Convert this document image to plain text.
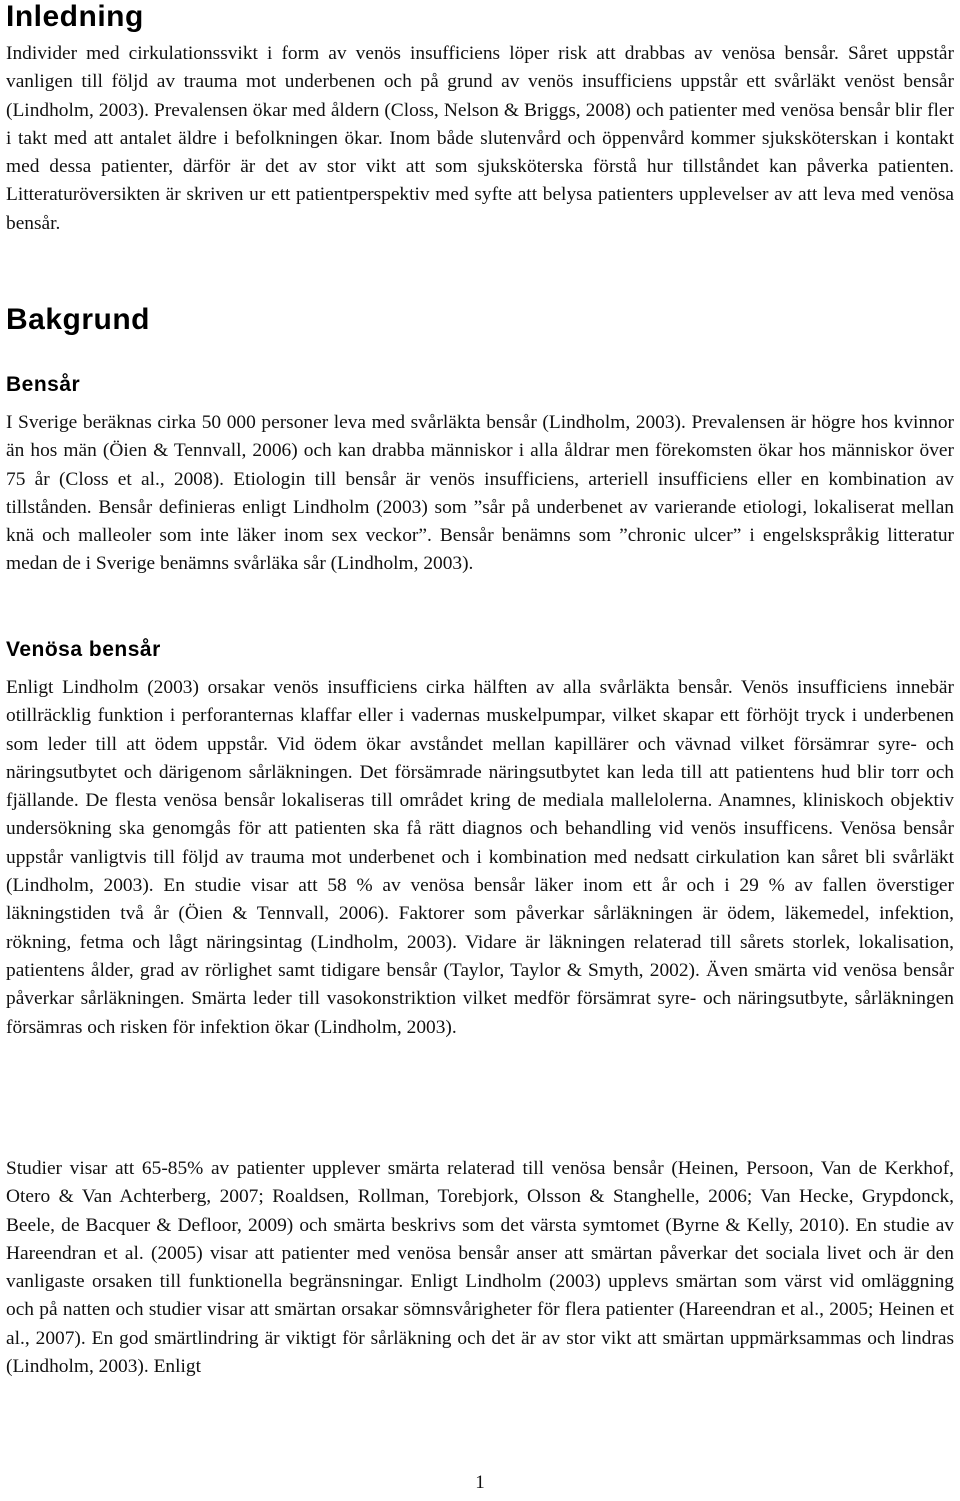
Inledning

Individer med cirkulationssvikt i form av venös insufficiens löper risk att drabbas av venösa bensår. Såret uppstår vanligen till följd av trauma mot underbenen och på grund av venös insufficiens uppstår ett svårläkt venöst bensår (Lindholm, 2003). Prevalensen ökar med åldern (Closs, Nelson & Briggs, 2008) och patienter med venösa bensår blir fler i takt med att antalet äldre i befolkningen ökar. Inom både slutenvård och öppenvård kommer sjuksköterskan i kontakt med dessa patienter, därför är det av stor vikt att som sjuksköterska förstå hur tillståndet kan påverka patienten. Litteraturöversikten är skriven ur ett patientperspektiv med syfte att belysa patienters upplevelser av att leva med venösa bensår.

Bakgrund
Bensår

I Sverige beräknas cirka 50 000 personer leva med svårläkta bensår (Lindholm, 2003). Prevalensen är högre hos kvinnor än hos män (Öien & Tennvall, 2006) och kan drabba människor i alla åldrar men förekomsten ökar hos människor över 75 år (Closs et al., 2008). Etiologin till bensår är venös insufficiens, arteriell insufficiens eller en kombination av tillstånden. Bensår definieras enligt Lindholm (2003) som ”sår på underbenet av varierande etiologi, lokaliserat mellan knä och malleoler som inte läker inom sex veckor”. Bensår benämns som ”chronic ulcer” i engelskspråkig litteratur medan de i Sverige benämns svårläka sår (Lindholm, 2003).

Venösa bensår

Enligt Lindholm (2003) orsakar venös insufficiens cirka hälften av alla svårläkta bensår. Venös insufficiens innebär otillräcklig funktion i perforanternas klaffar eller i vadernas muskelpumpar, vilket skapar ett förhöjt tryck i underbenen som leder till att ödem uppstår. Vid ödem ökar avståndet mellan kapillärer och vävnad vilket försämrar syre- och näringsutbytet och därigenom sårläkningen. Det försämrade näringsutbytet kan leda till att patientens hud blir torr och fjällande. De flesta venösa bensår lokaliseras till området kring de mediala mallelolerna. Anamnes, kliniskoch objektiv undersökning ska genomgås för att patienten ska få rätt diagnos och behandling vid venös insufficens. Venösa bensår uppstår vanligtvis till följd av trauma mot underbenet och i kombination med nedsatt cirkulation kan såret bli svårläkt (Lindholm, 2003). En studie visar att 58 % av venösa bensår läker inom ett år och i 29 % av fallen överstiger läkningstiden två år (Öien & Tennvall, 2006). Faktorer som påverkar sårläkningen är ödem, läkemedel, infektion, rökning, fetma och lågt näringsintag (Lindholm, 2003). Vidare är läkningen relaterad till sårets storlek, lokalisation, patientens ålder, grad av rörlighet samt tidigare bensår (Taylor, Taylor & Smyth, 2002). Även smärta vid venösa bensår påverkar sårläkningen. Smärta leder till vasokonstriktion vilket medför försämrat syre- och näringsutbyte, sårläkningen försämras och risken för infektion ökar (Lindholm, 2003).

Studier visar att 65-85% av patienter upplever smärta relaterad till venösa bensår (Heinen, Persoon, Van de Kerkhof, Otero & Van Achterberg, 2007; Roaldsen, Rollman, Torebjork, Olsson & Stanghelle, 2006; Van Hecke, Grypdonck, Beele, de Bacquer & Defloor, 2009) och smärta beskrivs som det värsta symtomet (Byrne & Kelly, 2010). En studie av Hareendran et al. (2005) visar att patienter med venösa bensår anser att smärtan påverkar det sociala livet och är den vanligaste orsaken till funktionella begränsningar. Enligt Lindholm (2003) upplevs smärtan som värst vid omläggning och på natten och studier visar att smärtan orsakar sömnsvårigheter för flera patienter (Hareendran et al., 2005; Heinen et al., 2007). En god smärtlindring är viktigt för sårläkning och det är av stor vikt att smärtan uppmärksammas och lindras (Lindholm, 2003). Enligt

1
